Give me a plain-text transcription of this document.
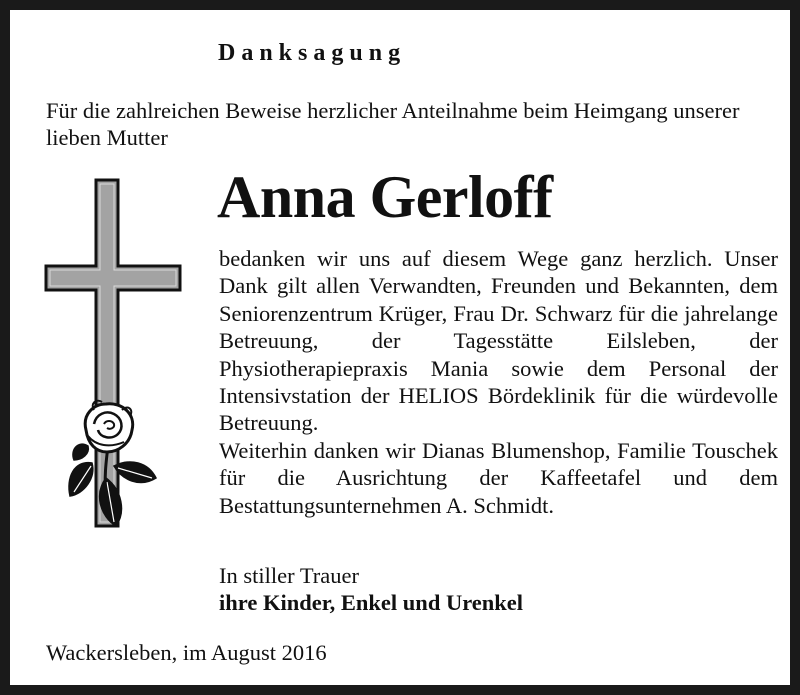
Danksagung
Für die zahlreichen Beweise herzlicher Anteilnahme beim Heimgang unserer lieben Mutter
Anna Gerloff

bedanken wir uns auf diesem Wege ganz herzlich. Unser Dank gilt allen Verwandten, Freunden und Bekannten, dem Seniorenzentrum Krüger, Frau Dr. Schwarz für die jahrelange Betreuung, der Tagesstätte Eilsleben, der Physiotherapiepraxis Mania sowie dem Personal der Intensivstation der HELIOS Bördeklinik für die würdevolle Betreuung.

Weiterhin danken wir Dianas Blumenshop, Familie Touschek für die Ausrichtung der Kaffeetafel und dem Bestattungsunternehmen A. Schmidt.

In stiller Trauer
ihre Kinder, Enkel und Urenkel
Wackersleben, im August 2016
